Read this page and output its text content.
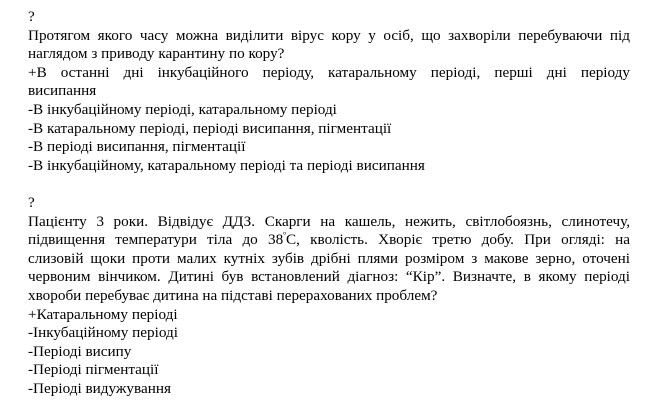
?
Протягом якого часу можна виділити вірус кору у осіб, що захворіли перебуваючи під
наглядом з приводу карантину по кору?
+В останні дні інкубаційного періоду, катаральному періоді, перші дні періоду
висипання
-В інкубаційному періоді, катаральному періоді
-В катаральному періоді, періоді висипання, пігментації
-В періоді висипання, пігментації
-В інкубаційному, катаральному періоді та періоді висипання
?
Пацієнту 3 роки. Відвідує ДДЗ. Скарги на кашель, нежить, світлобоязнь, слинотечу,
підвищення температури тіла до $38^ºС$, кволість. Хворіє третю добу. При огляді: на
слизовій щоки проти малих кутніх зубів дрібні плями розміром з макове зерно, оточені
червоним вінчиком. Дитині був встановлений діагноз: “Кір”. Визначте, в якому періоді
хвороби перебуває дитина на підставі перерахованих проблем?
+Катаральному періоді
-Інкубаційному періоді
-Періоді висипу
-Періоді пігментації
-Періоді видужування
